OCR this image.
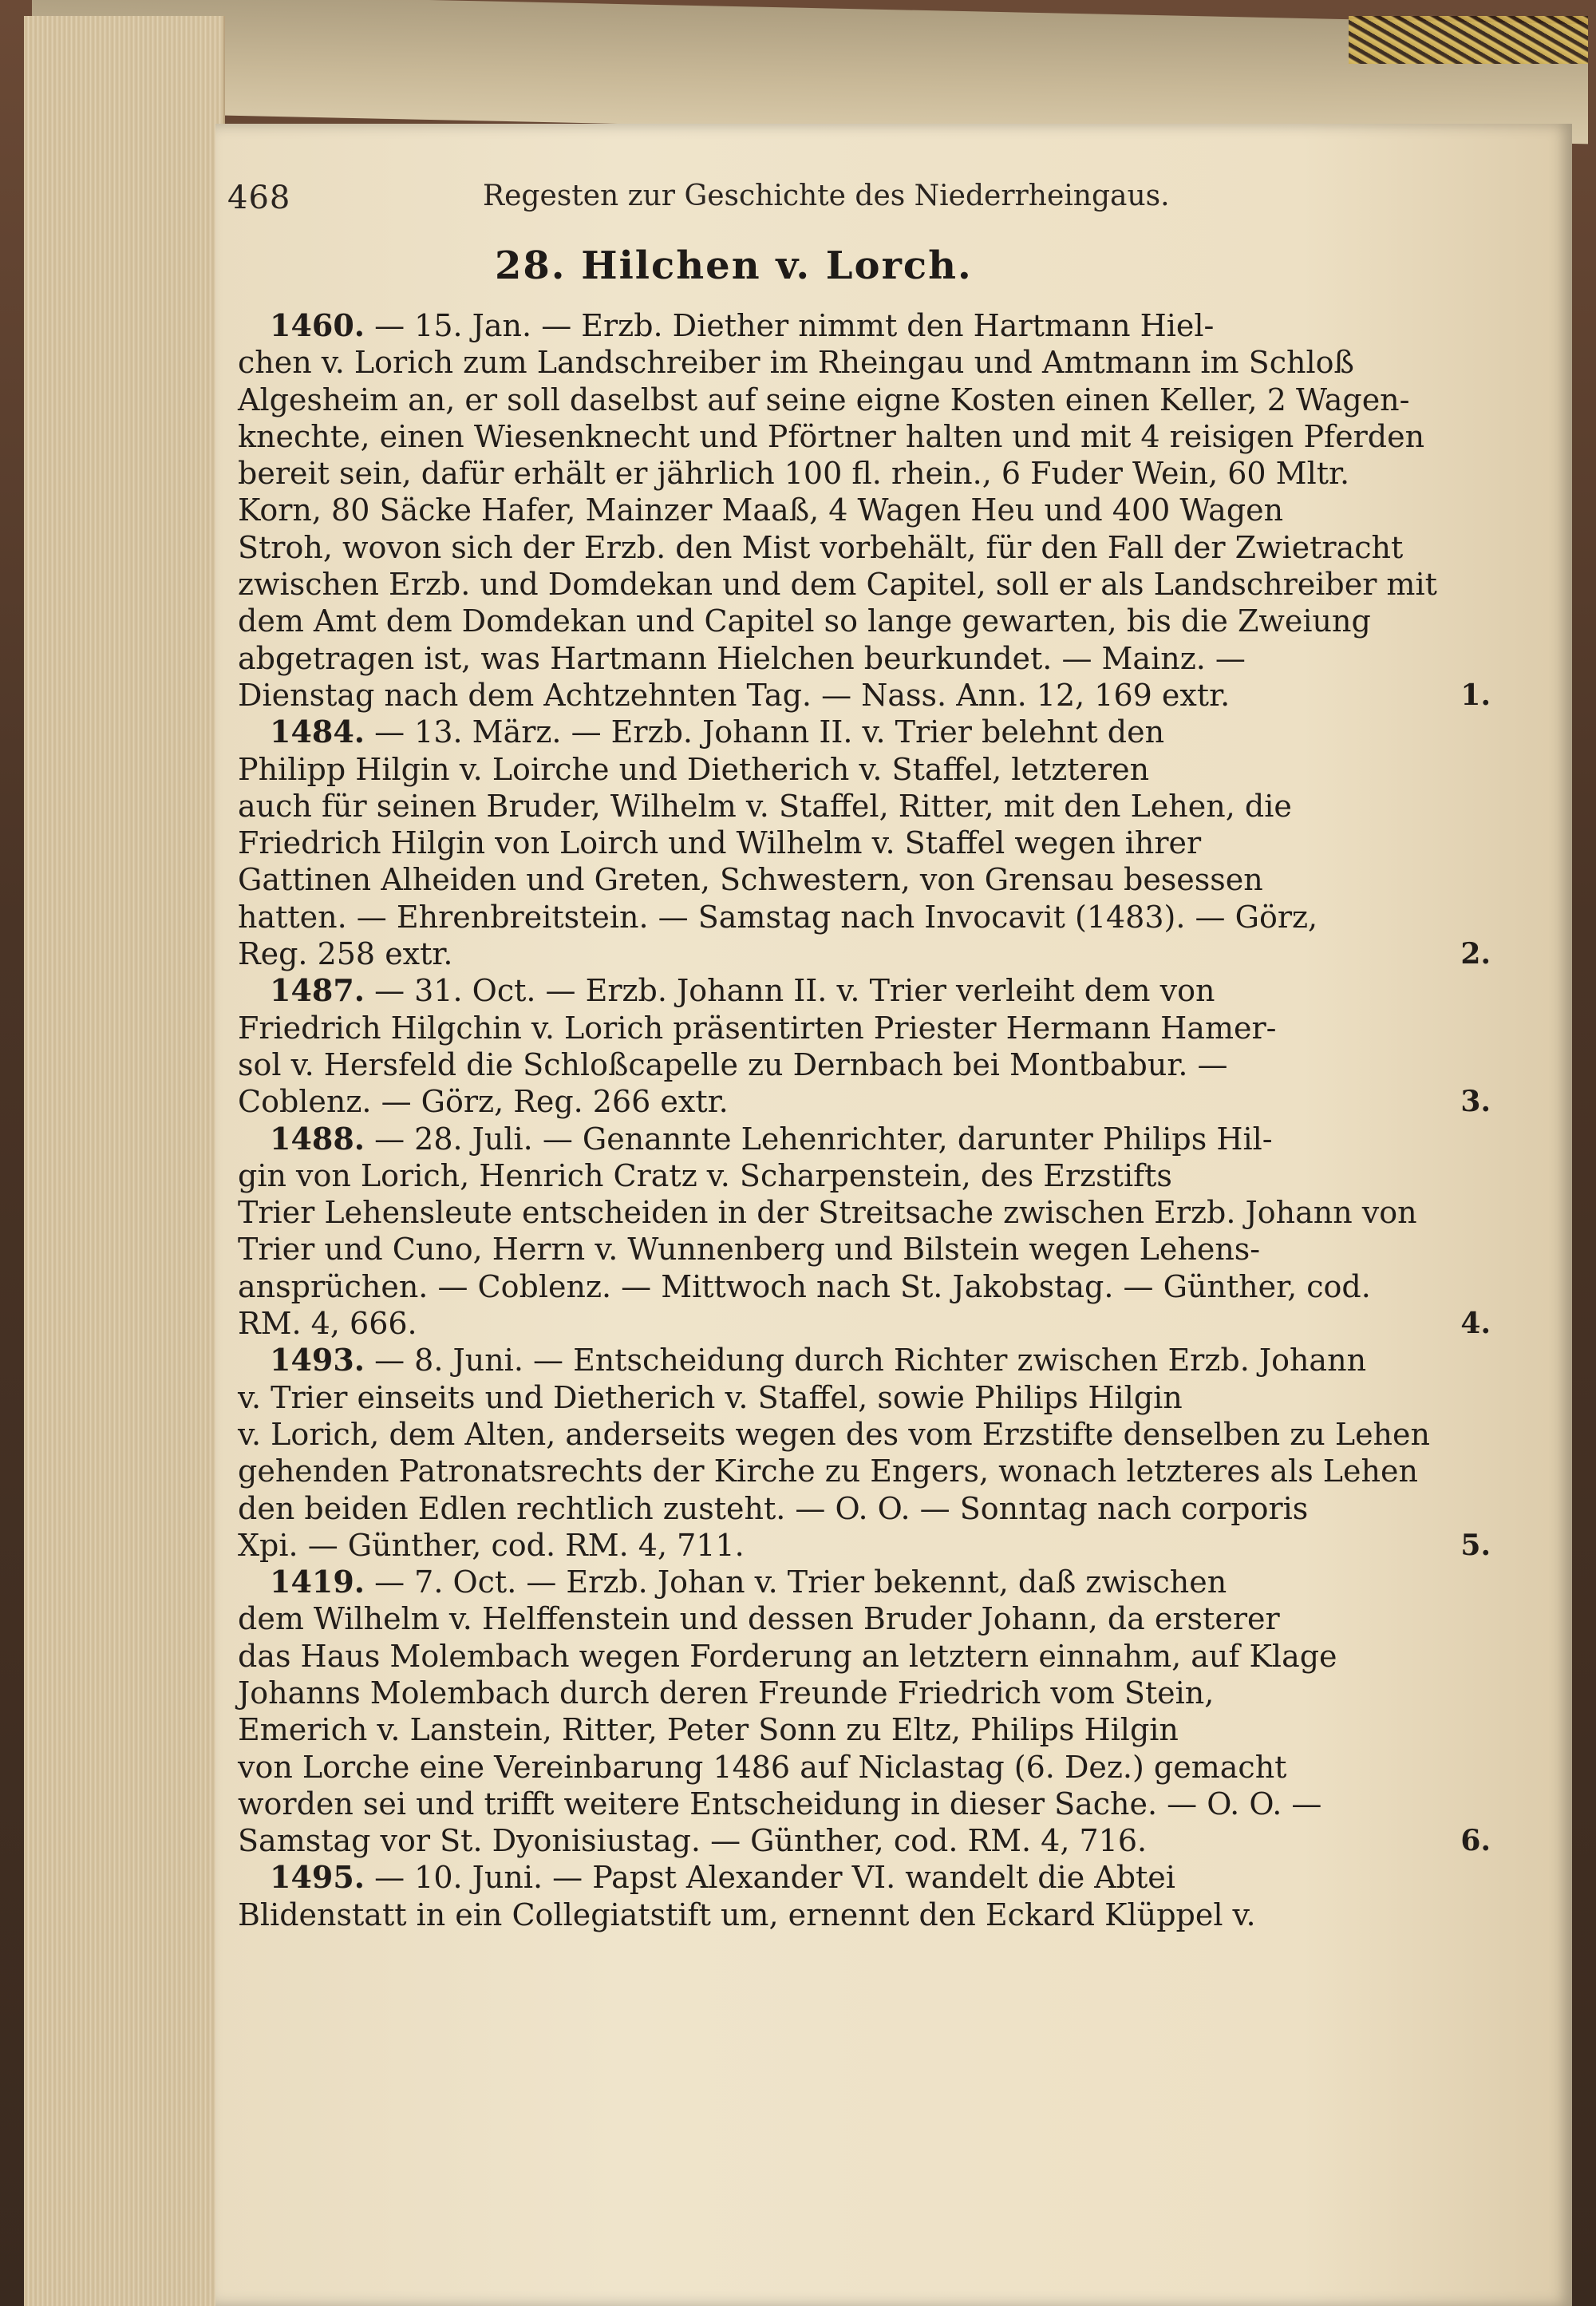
468	Regesten zur Geschichte des Niederrheingaus.
28. Hilchen v. Lorch.
1460. — 15. Jan. — Erzb. Diether nimmt den Hartmann Hiel-
chen v. Lorich zum Landschreiber im Rheingau und Amtmann im Schloß
Algesheim an, er soll daselbst auf seine eigne Kosten einen Keller, 2 Wagen-
knechte, einen Wiesenknecht und Pförtner halten und mit 4 reisigen Pferden
bereit sein, dafür erhält er jährlich 100 fl. rhein., 6 Fuder Wein, 60 Mltr.
Korn, 80 Säcke Hafer, Mainzer Maaß, 4 Wagen Heu und 400 Wagen
Stroh, wovon sich der Erzb. den Mist vorbehält, für den Fall der Zwietracht
zwischen Erzb. und Domdekan und dem Capitel, soll er als Landschreiber mit
dem Amt dem Domdekan und Capitel so lange gewarten, bis die Zweiung
abgetragen ist, was Hartmann Hielchen beurkundet. — Mainz. —
Dienstag nach dem Achtzehnten Tag. — Nass. Ann. 12, 169 extr.	1.
1484. — 13. März. — Erzb. Johann II. v. Trier belehnt den
Philipp Hilgin v. Loirche und Dietherich v. Staffel, letzteren
auch für seinen Bruder, Wilhelm v. Staffel, Ritter, mit den Lehen, die
Friedrich Hilgin von Loirch und Wilhelm v. Staffel wegen ihrer
Gattinen Alheiden und Greten, Schwestern, von Grensau besessen
hatten. — Ehrenbreitstein. — Samstag nach Invocavit (1483). — Görz,
Reg. 258 extr.	2.
1487. — 31. Oct. — Erzb. Johann II. v. Trier verleiht dem von
Friedrich Hilgchin v. Lorich präsentirten Priester Hermann Hamer-
sol v. Hersfeld die Schloßcapelle zu Dernbach bei Montbabur. —
Coblenz. — Görz, Reg. 266 extr.	3.
1488. — 28. Juli. — Genannte Lehenrichter, darunter Philips Hil-
gin von Lorich, Henrich Cratz v. Scharpenstein, des Erzstifts
Trier Lehensleute entscheiden in der Streitsache zwischen Erzb. Johann von
Trier und Cuno, Herrn v. Wunnenberg und Bilstein wegen Lehens-
ansprüchen. — Coblenz. — Mittwoch nach St. Jakobstag. — Günther, cod.
RM. 4, 666.	4.
1493. — 8. Juni. — Entscheidung durch Richter zwischen Erzb. Johann
v. Trier einseits und Dietherich v. Staffel, sowie Philips Hilgin
v. Lorich, dem Alten, anderseits wegen des vom Erzstifte denselben zu Lehen
gehenden Patronatsrechts der Kirche zu Engers, wonach letzteres als Lehen
den beiden Edlen rechtlich zusteht. — O. O. — Sonntag nach corporis
Xpi. — Günther, cod. RM. 4, 711.	5.
1419. — 7. Oct. — Erzb. Johan v. Trier bekennt, daß zwischen
dem Wilhelm v. Helffenstein und dessen Bruder Johann, da ersterer
das Haus Molembach wegen Forderung an letztern einnahm, auf Klage
Johanns Molembach durch deren Freunde Friedrich vom Stein,
Emerich v. Lanstein, Ritter, Peter Sonn zu Eltz, Philips Hilgin
von Lorche eine Vereinbarung 1486 auf Niclastag (6. Dez.) gemacht
worden sei und trifft weitere Entscheidung in dieser Sache. — O. O. —
Samstag vor St. Dyonisiustag. — Günther, cod. RM. 4, 716.	6.
1495. — 10. Juni. — Papst Alexander VI. wandelt die Abtei
Blidenstatt in ein Collegiatstift um, ernennt den Eckard Klüppel v.
